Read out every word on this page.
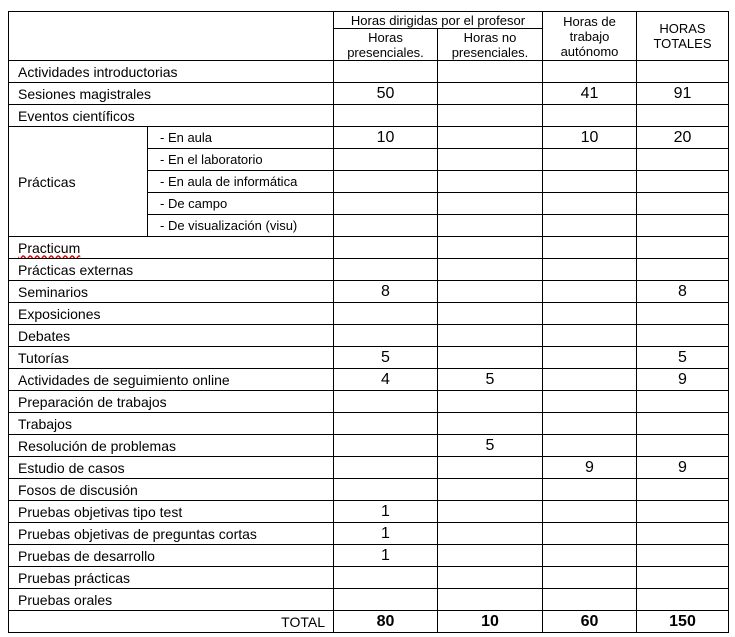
		Horas dirigidas por el profesor		Horas de trabajo autónomo	HORAS TOTALES
		Horas presenciales.	Horas no presenciales.		
Actividades introductorias					
Sesiones magistrales		50		41	91
Eventos científicos					
Prácticas	- En aula	10		10	20
	- En el laboratorio				
	- En aula de informática				
	- De campo				
	- De visualización (visu)				
Practicum					
Prácticas externas					
Seminarios		8			8
Exposiciones					
Debates					
Tutorías		5			5
Actividades de seguimiento online		4	5		9
Preparación de trabajos					
Trabajos					
Resolución de problemas			5		
Estudio de casos				9	9
Fosos de discusión					
Pruebas objetivas tipo test		1			
Pruebas objetivas de preguntas cortas		1			
Pruebas de desarrollo		1			
Pruebas prácticas					
Pruebas orales					
TOTAL		80	10	60	150
